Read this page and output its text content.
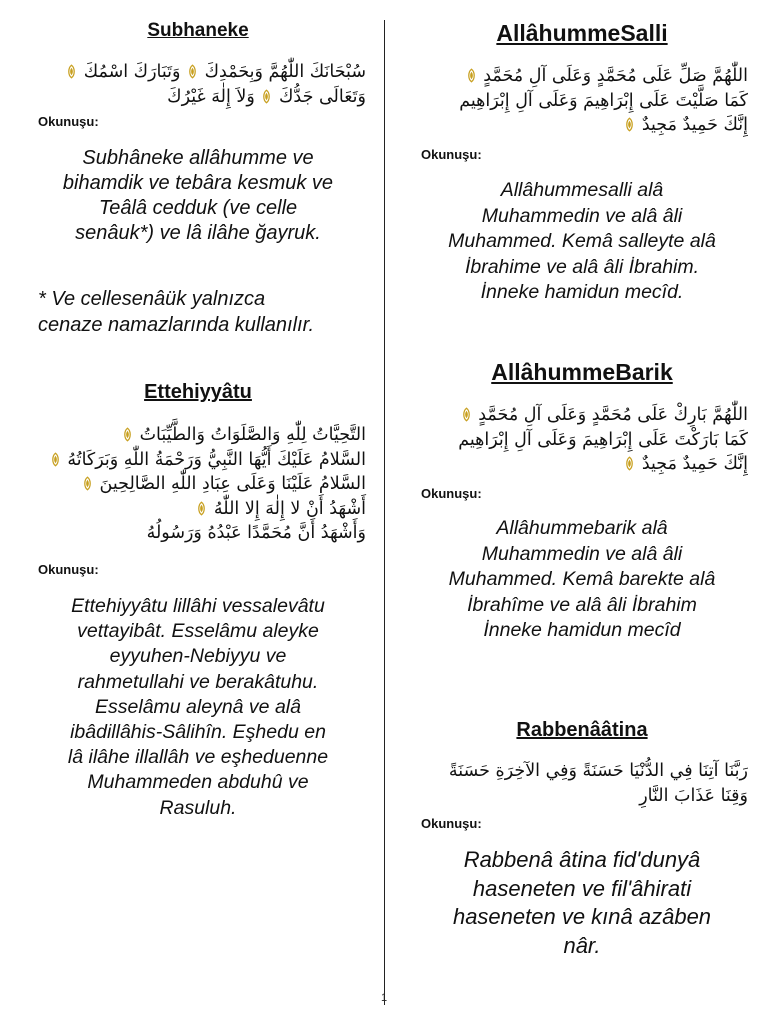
Subhaneke
سُبْحَانَكَ اللّٰهُمَّ وَبِحَمْدِكَ  وَتَبَارَكَ اسْمُكَ
وَتَعَالَى جَدُّكَ  وَلاَ إِلٰهَ غَيْرُكَ
Okunuşu:
Subhâneke allâhumme ve
bihamdik ve tebâra kesmuk ve
Teâlâ cedduk (ve celle
senâuk*) ve lâ ilâhe ğayruk.
* Ve cellesenâük yalnızca
cenaze namazlarında kullanılır.
Ettehiyyâtu
التَّحِيَّاتُ لِلّٰهِ وَالصَّلَوَاتُ وَالطَّيِّبَاتُ
السَّلامُ عَلَيْكَ أَيُّهَا النَّبِيُّ وَرَحْمَةُ اللّٰهِ وَبَرَكَاتُهُ
السَّلامُ عَلَيْنَا وَعَلَى عِبَادِ اللّٰهِ الصَّالِحِينَ
أَشْهَدُ أَنْ لا إِلٰهَ إِلا اللّٰهُ
وَأَشْهَدُ أَنَّ مُحَمَّدًا عَبْدُهُ وَرَسُولُهُ
Okunuşu:
Ettehiyyâtu lillâhi vessalevâtu
vettayibât. Esselâmu aleyke
eyyuhen-Nebiyyu ve
rahmetullahi ve berakâtuhu.
Esselâmu aleynâ ve alâ
ibâdillâhis-Sâlihîn. Eşhedu en
lâ ilâhe illallâh ve eşheduenne
Muhammeden abduhû ve
Rasuluh.
AllâhummeSalli
اللّٰهُمَّ صَلِّ عَلَى مُحَمَّدٍ وَعَلَى آلِ مُحَمَّدٍ
كَمَا صَلَّيْتَ عَلَى إِبْرَاهِيمَ وَعَلَى آلِ إِبْرَاهِيم
إِنَّكَ حَمِيدٌ مَجِيدٌ
Okunuşu:
Allâhummesalli alâ
Muhammedin ve alâ âli
Muhammed. Kemâ salleyte alâ
İbrahime ve alâ âli İbrahim.
İnneke hamidun mecîd.
AllâhummeBarik
اللّٰهُمَّ بَارِكْ عَلَى مُحَمَّدٍ وَعَلَى آلِ مُحَمَّدٍ
كَمَا بَارَكْتَ عَلَى إِبْرَاهِيمَ وَعَلَى آلِ إِبْرَاهِيم
إِنَّكَ حَمِيدٌ مَجِيدٌ
Okunuşu:
Allâhummebarik alâ
Muhammedin ve alâ âli
Muhammed. Kemâ barekte alâ
İbrahîme ve alâ âli İbrahim
İnneke hamidun mecîd
Rabbenââtina
رَبَّنَا آتِنَا فِي الدُّنْيَا حَسَنَةً وَفِي الآخِرَةِ حَسَنَةً
وَقِنَا عَذَابَ النَّارِ
Okunuşu:
Rabbenâ âtina fid'dunyâ
haseneten ve fil'âhirati
haseneten ve kınâ azâben
nâr.
1
